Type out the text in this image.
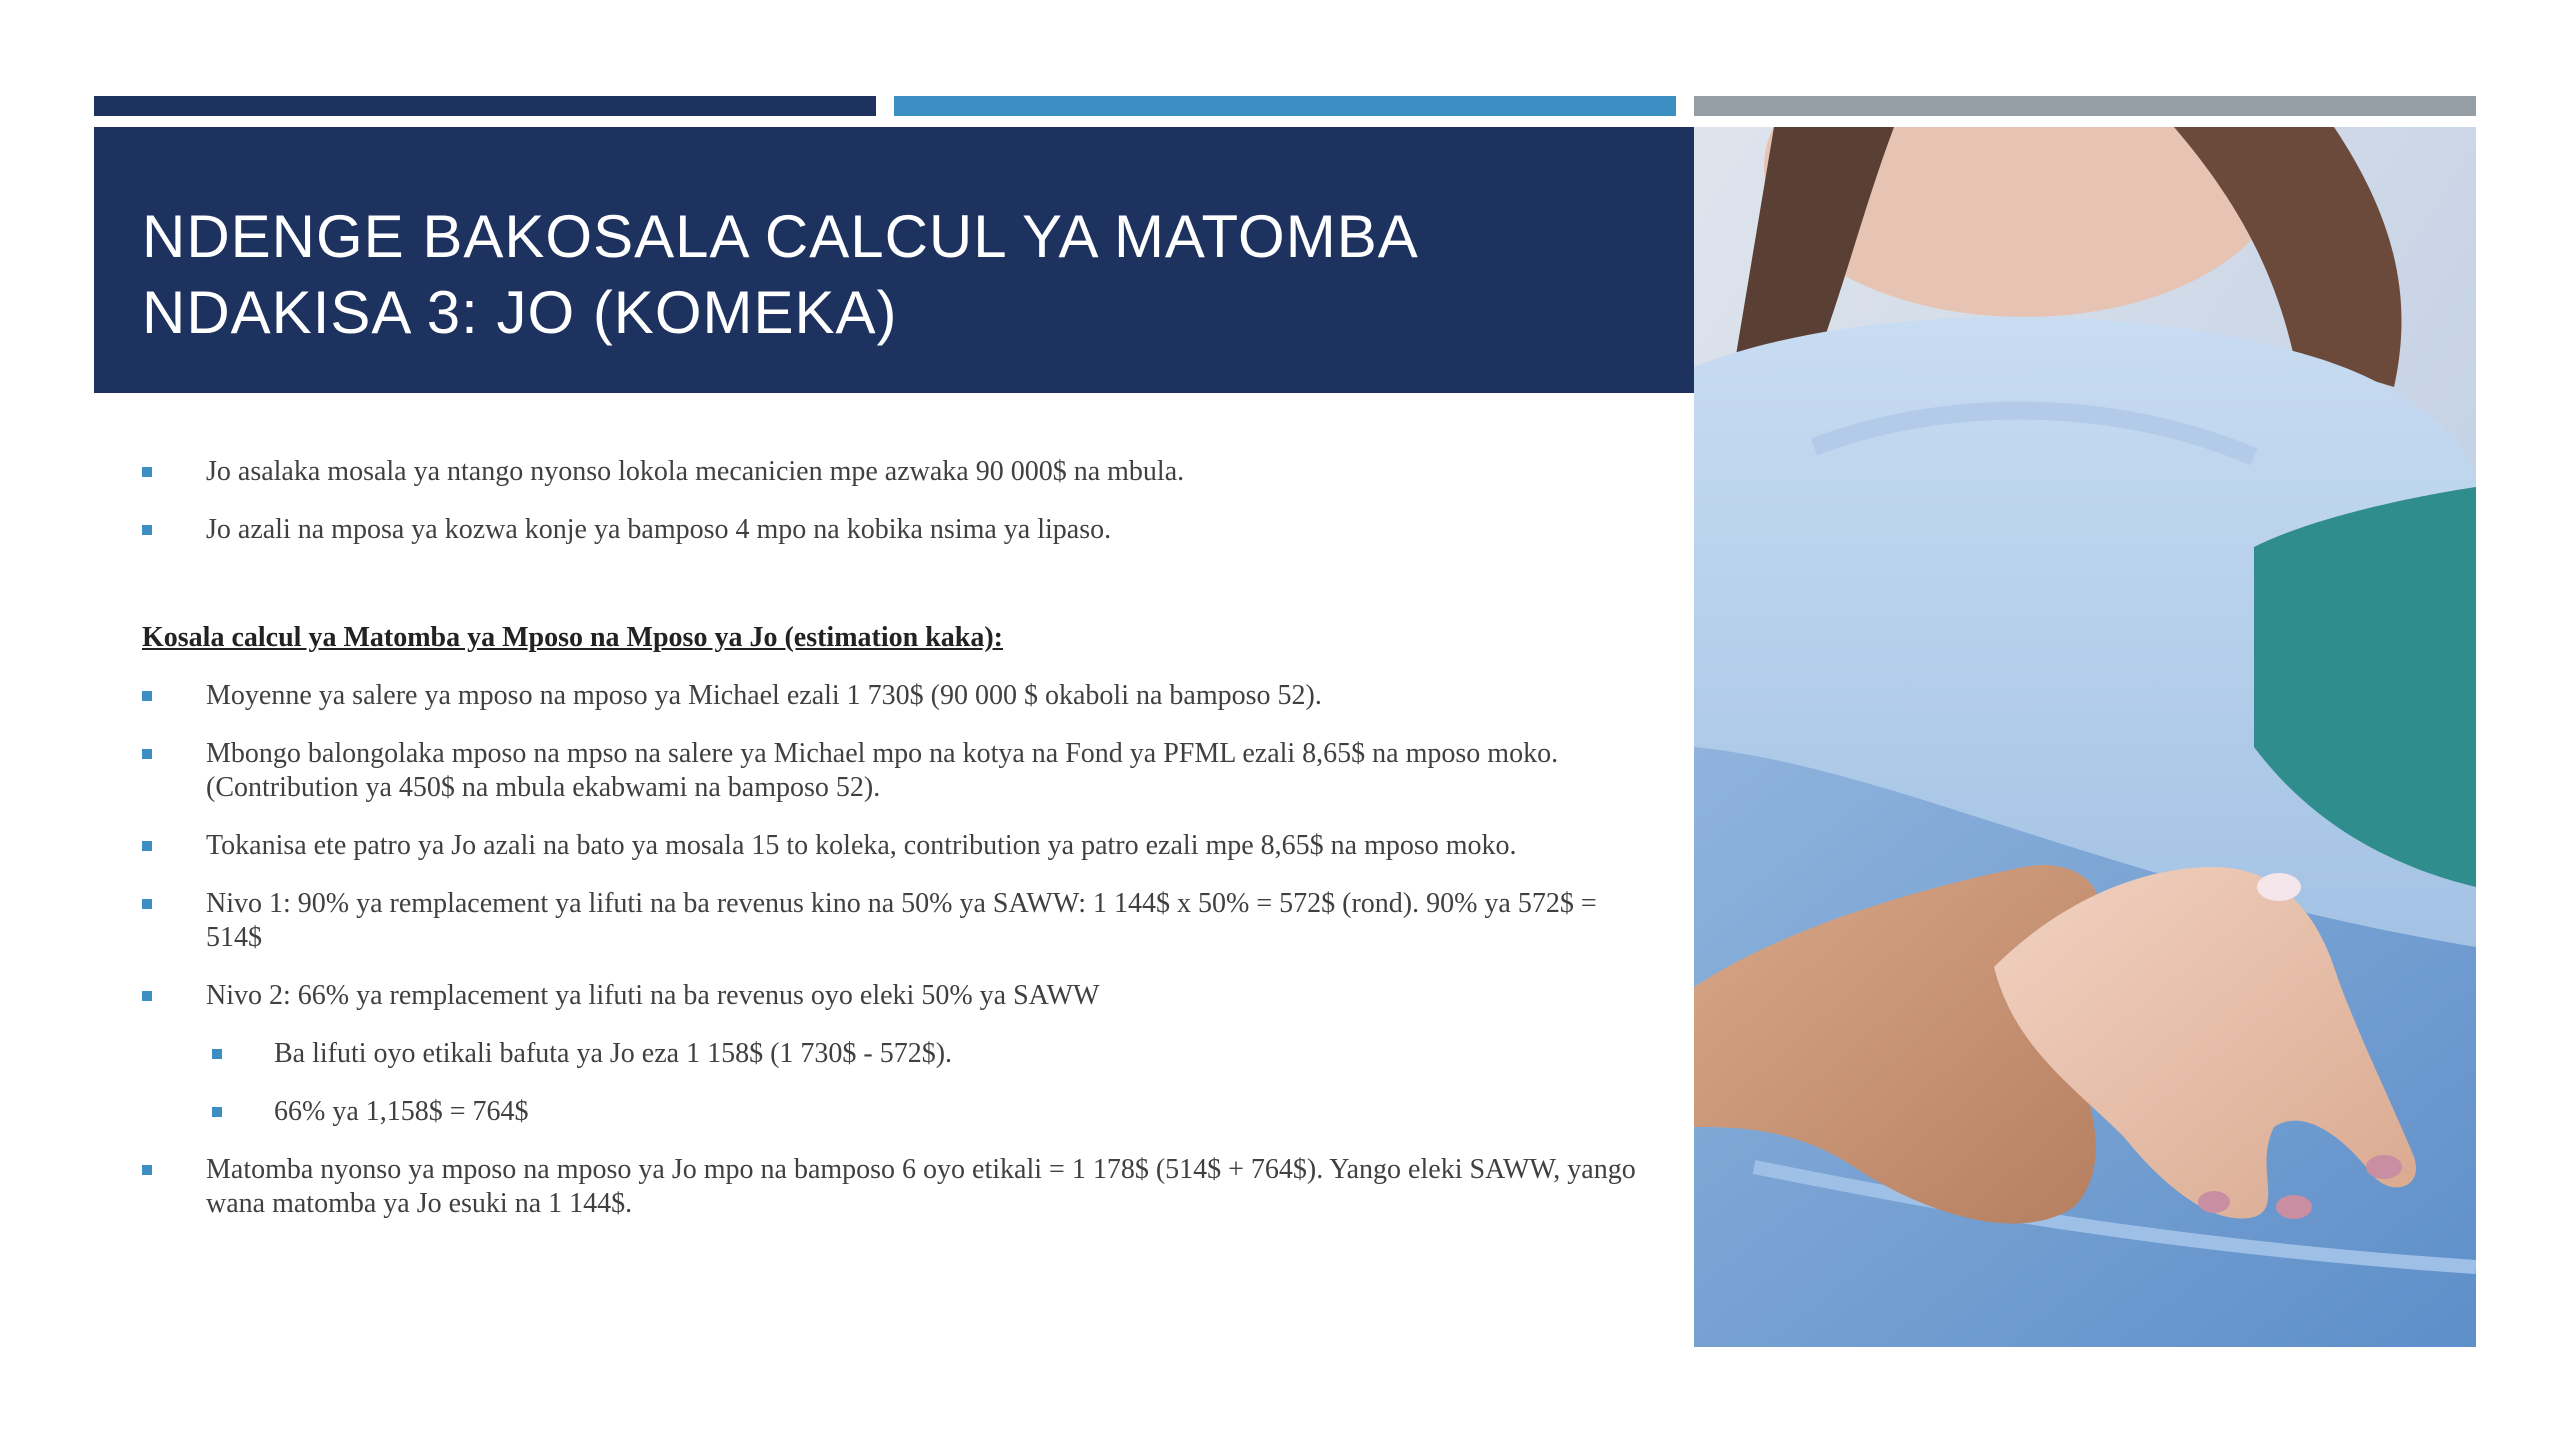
NDENGE BAKOSALA CALCUL YA MATOMBA
NDAKISA 3: JO (KOMEKA)
Jo asalaka mosala ya ntango nyonso lokola mecanicien mpe azwaka 90 000$ na mbula.
Jo azali na mposa ya kozwa konje ya bamposo 4 mpo na kobika nsima ya lipaso.
Kosala calcul ya Matomba ya Mposo na Mposo ya Jo (estimation kaka):
Moyenne ya salere ya mposo na mposo ya Michael ezali 1 730$ (90 000 $ okaboli na bamposo 52).
Mbongo balongolaka mposo na mpso na salere ya Michael mpo na kotya na Fond ya PFML ezali 8,65$ na mposo moko. (Contribution ya 450$ na mbula ekabwami na bamposo 52).
Tokanisa ete patro ya Jo azali na bato ya mosala 15 to koleka, contribution ya patro ezali mpe 8,65$ na mposo moko.
Nivo 1: 90% ya remplacement ya lifuti na ba revenus kino na 50% ya SAWW: 1 144$ x 50% = 572$ (rond). 90% ya 572$ = 514$
Nivo 2: 66% ya remplacement ya lifuti na ba revenus oyo eleki 50% ya SAWW
Ba lifuti oyo etikali bafuta ya Jo eza 1 158$ (1 730$ - 572$).
66% ya 1,158$ = 764$
Matomba nyonso ya mposo na mposo ya Jo mpo na bamposo 6 oyo etikali = 1 178$ (514$ + 764$). Yango eleki SAWW, yango wana matomba ya Jo esuki na 1 144$.
